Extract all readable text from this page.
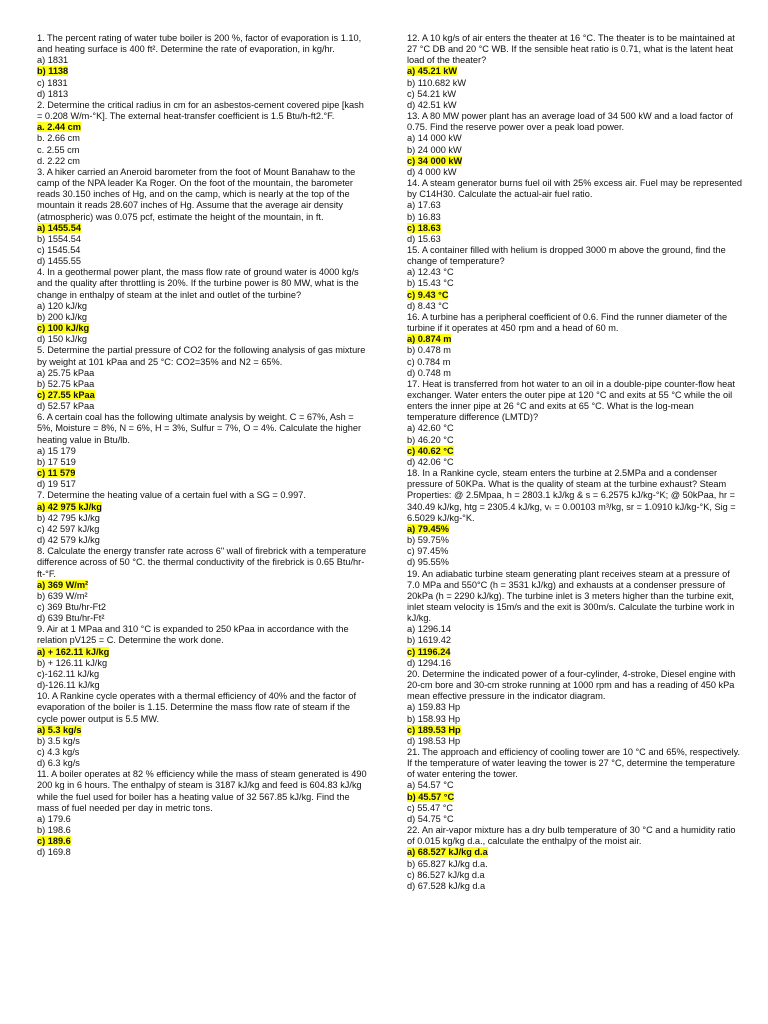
1. The percent rating of water tube boiler is 200 %, factor of evaporation is 1.10, and heating surface is 400 ft². Determine the rate of evaporation, in kg/hr.

a) 1831
b) 1138
c) 1831
d) 1813

2. Determine the critical radius in cm for an asbestos-cement covered pipe [kash = 0.208 W/m-°K]. The external heat-transfer coefficient is 1.5 Btu/h-ft2.°F.

a. 2.44 cm
b. 2.66 cm
c. 2.55 cm
d. 2.22 cm

3. A hiker carried an Aneroid barometer from the foot of Mount Banahaw to the camp of the NPA leader Ka Roger. On the foot of the mountain, the barometer reads 30.150 inches of Hg, and on the camp, which is nearly at the top of the mountain it reads 28.607 inches of Hg. Assume that the average air density (atmospheric) was 0.075 pcf, estimate the height of the mountain, in ft.

a) 1455.54
b) 1554.54
c) 1545.54
d) 1455.55

4. In a geothermal power plant, the mass flow rate of ground water is 4000 kg/s and the quality after throttling is 20%. If the turbine power is 80 MW, what is the change in enthalpy of steam at the inlet and outlet of the turbine?

a) 120 kJ/kg
b) 200 kJ/kg
c) 100 kJ/kg
d) 150 kJ/kg

5. Determine the partial pressure of CO2 for the following analysis of gas mixture by weight at 101 kPaa and 25 °C: CO2=35% and N2 = 65%.

a) 25.75 kPaa
b) 52.75 kPaa
c) 27.55 kPaa
d) 52.57 kPaa

6. A certain coal has the following ultimate analysis by weight. C = 67%, Ash = 5%, Moisture = 8%, N = 6%, H = 3%, Sulfur = 7%, O = 4%. Calculate the higher heating value in Btu/lb.

a) 15 179
b) 17 519
c) 11 579
d) 19 517

7. Determine the heating value of a certain fuel with a SG = 0.997.

a) 42 975 kJ/kg
b) 42 795 kJ/kg
c) 42 597 kJ/kg
d) 42 579 kJ/kg

8. Calculate the energy transfer rate across 6" wall of firebrick with a temperature difference across of 50 °C. the thermal conductivity of the firebrick is 0.65 Btu/hr-ft-°F.

a) 369 W/m²
b) 639 W/m²
c) 369 Btu/hr-Ft2
d) 639 Btu/hr-Ft²

9. Air at 1 MPaa and 310 °C is expanded to 250 kPaa in accordance with the relation pV125 = C. Determine the work done.

a) + 162.11 kJ/kg
b) + 126.11 kJ/kg
c)-162.11 kJ/kg
d)-126.11 kJ/kg

10. A Rankine cycle operates with a thermal efficiency of 40% and the factor of evaporation of the boiler is 1.15. Determine the mass flow rate of steam if the cycle power output is 5.5 MW.

a) 5.3 kg/s
b) 3.5 kg/s
c) 4.3 kg/s
d) 6.3 kg/s

11. A boiler operates at 82 % efficiency while the mass of steam generated is 490 200 kg in 6 hours. The enthalpy of steam is 3187 kJ/kg and feed is 604.83 kJ/kg while the fuel used for boiler has a heating value of 32 567.85 kJ/kg. Find the mass of fuel needed per day in metric tons.

a) 179.6
b) 198.6
c) 189.6
d) 169.8

12. A 10 kg/s of air enters the theater at 16 °C. The theater is to be maintained at 27 °C DB and 20 °C WB. If the sensible heat ratio is 0.71, what is the latent heat load of the theater?

a) 45.21 kW
b) 110.682 kW
c) 54.21 kW
d) 42.51 kW

13. A 80 MW power plant has an average load of 34 500 kW and a load factor of 0.75. Find the reserve power over a peak load power.

a) 14 000 kW
b) 24 000 kW
c) 34 000 kW
d) 4 000 kW

14. A steam generator burns fuel oil with 25% excess air. Fuel may be represented by C14H30. Calculate the actual-air fuel ratio.

a) 17.63
b) 16.83
c) 18.63
d) 15.63

15. A container filled with helium is dropped 3000 m above the ground, find the change of temperature?

a) 12.43 °C
b) 15.43 °C
c) 9.43 °C
d) 8.43 °C

16. A turbine has a peripheral coefficient of 0.6. Find the runner diameter of the turbine if it operates at 450 rpm and a head of 60 m.

a) 0.874 m
b) 0.478 m
c) 0.784 m
d) 0.748 m

17. Heat is transferred from hot water to an oil in a double-pipe counter-flow heat exchanger. Water enters the outer pipe at 120 °C and exits at 55 °C while the oil enters the inner pipe at 26 °C and exits at 65 °C. What is the log-mean temperature difference (LMTD)?

a) 42.60 °C
b) 46.20 °C
c) 40.62 °C
d) 42.06 °C

18. In a Rankine cycle, steam enters the turbine at 2.5MPa and a condenser pressure of 50KPa. What is the quality of steam at the turbine exhaust? Steam Properties: @ 2.5Mpaa, h = 2803.1 kJ/kg & s = 6.2575 kJ/kg-°K; @ 50kPaa, hr = 340.49 kJ/kg, htg = 2305.4 kJ/kg, vₜ = 0.00103 m³/kg, sr = 1.0910 kJ/kg-°K, Sig = 6.5029 kJ/kg-°K.

a) 79.45%
b) 59.75%
c) 97.45%
d) 95.55%

19. An adiabatic turbine steam generating plant receives steam at a pressure of 7.0 MPa and 550°C (h = 3531 kJ/kg) and exhausts at a condenser pressure of 20kPa (h = 2290 kJ/kg). The turbine inlet is 3 meters higher than the turbine exit, inlet steam velocity is 15m/s and the exit is 300m/s. Calculate the turbine work in kJ/kg.

a) 1296.14
b) 1619.42
c) 1196.24
d) 1294.16

20. Determine the indicated power of a four-cylinder, 4-stroke, Diesel engine with 20-cm bore and 30-cm stroke running at 1000 rpm and has a reading of 450 kPa mean effective pressure in the indicator diagram.

a) 159.83 Hp
b) 158.93 Hp
c) 189.53 Hp
d) 198.53 Hp

21. The approach and efficiency of cooling tower are 10 °C and 65%, respectively. If the temperature of water leaving the tower is 27 °C, determine the temperature of water entering the tower.

a) 54.57 °C
b) 45.57 °C
c) 55.47 °C
d) 54.75 °C

22. An air-vapor mixture has a dry bulb temperature of 30 °C and a humidity ratio of 0.015 kg/kg d.a., calculate the enthalpy of the moist air.

a) 68.527 kJ/kg d.a
b) 65.827 kJ/kg d.a.
c) 86.527 kJ/kg d.a
d) 67.528 kJ/kg d.a
